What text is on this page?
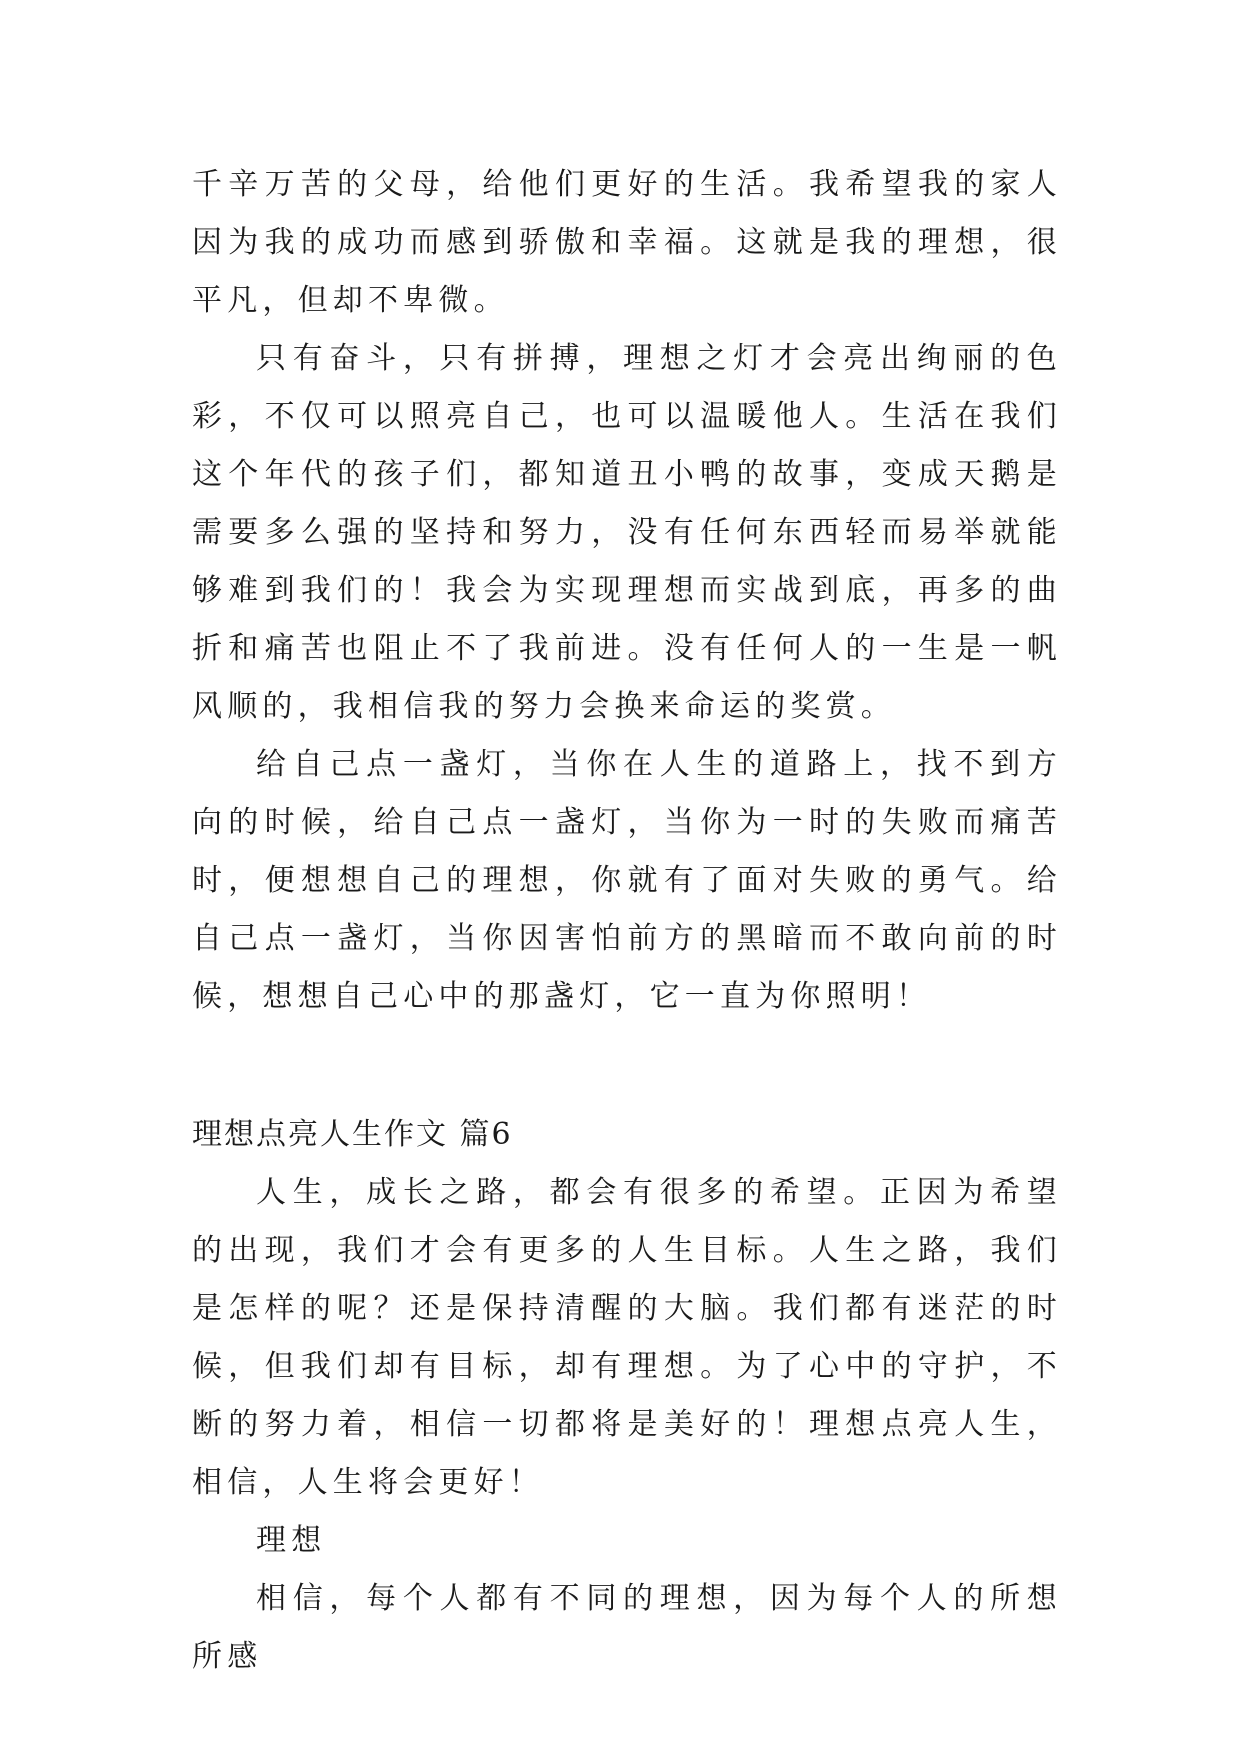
千辛万苦的父母，给他们更好的生活。我希望我的家人因为我的成功而感到骄傲和幸福。这就是我的理想，很平凡，但却不卑微。

只有奋斗，只有拼搏，理想之灯才会亮出绚丽的色彩，不仅可以照亮自己，也可以温暖他人。生活在我们这个年代的孩子们，都知道丑小鸭的故事，变成天鹅是需要多么强的坚持和努力，没有任何东西轻而易举就能够难到我们的！我会为实现理想而实战到底，再多的曲折和痛苦也阻止不了我前进。没有任何人的一生是一帆风顺的，我相信我的努力会换来命运的奖赏。

给自己点一盏灯，当你在人生的道路上，找不到方向的时候，给自己点一盏灯，当你为一时的失败而痛苦时，便想想自己的理想，你就有了面对失败的勇气。给自己点一盏灯，当你因害怕前方的黑暗而不敢向前的时候，想想自己心中的那盏灯，它一直为你照明！

理想点亮人生作文 篇6

人生，成长之路，都会有很多的希望。正因为希望的出现，我们才会有更多的人生目标。人生之路，我们是怎样的呢？还是保持清醒的大脑。我们都有迷茫的时候，但我们却有目标，却有理想。为了心中的守护，不断的努力着，相信一切都将是美好的！理想点亮人生，相信，人生将会更好！

理想

相信，每个人都有不同的理想，因为每个人的所想所感
